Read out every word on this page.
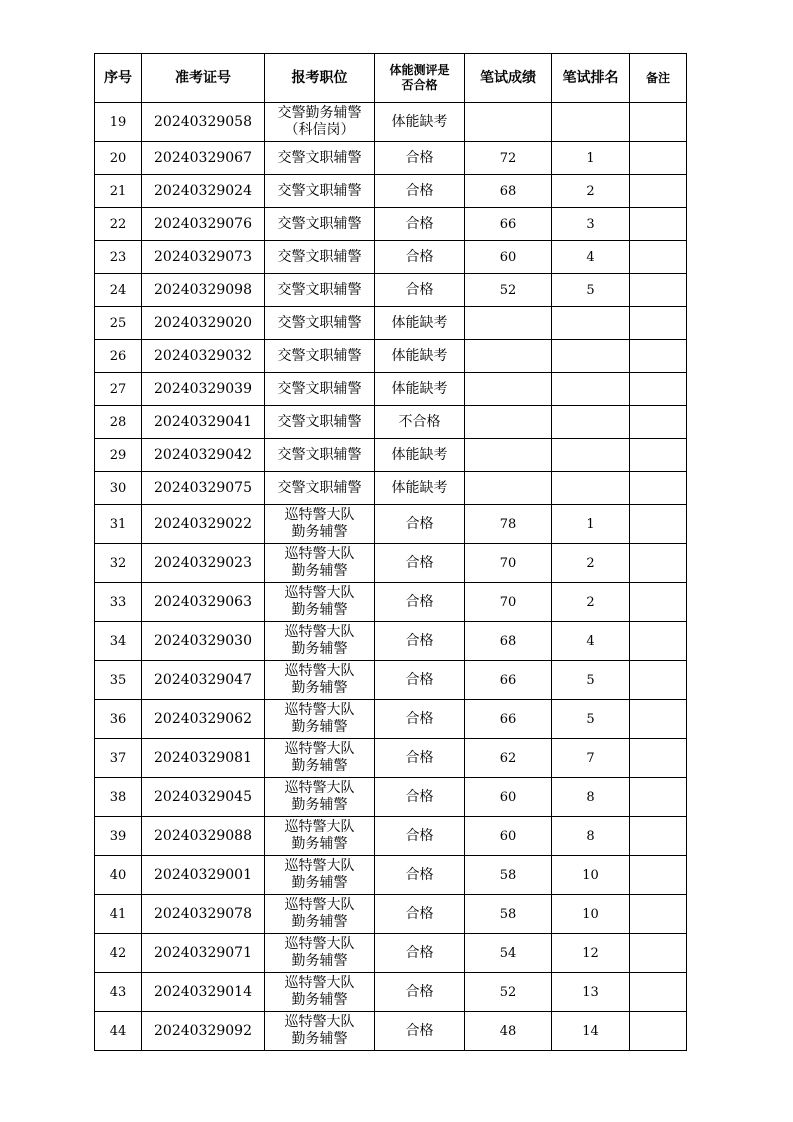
序号	准考证号	报考职位	体能测评是
否合格	笔试成绩	笔试排名	备注
19	20240329058	交警勤务辅警
（科信岗）	体能缺考			
20	20240329067	交警文职辅警	合格	72	1	
21	20240329024	交警文职辅警	合格	68	2	
22	20240329076	交警文职辅警	合格	66	3	
23	20240329073	交警文职辅警	合格	60	4	
24	20240329098	交警文职辅警	合格	52	5	
25	20240329020	交警文职辅警	体能缺考			
26	20240329032	交警文职辅警	体能缺考			
27	20240329039	交警文职辅警	体能缺考			
28	20240329041	交警文职辅警	不合格			
29	20240329042	交警文职辅警	体能缺考			
30	20240329075	交警文职辅警	体能缺考			
31	20240329022	巡特警大队
勤务辅警	合格	78	1	
32	20240329023	巡特警大队
勤务辅警	合格	70	2	
33	20240329063	巡特警大队
勤务辅警	合格	70	2	
34	20240329030	巡特警大队
勤务辅警	合格	68	4	
35	20240329047	巡特警大队
勤务辅警	合格	66	5	
36	20240329062	巡特警大队
勤务辅警	合格	66	5	
37	20240329081	巡特警大队
勤务辅警	合格	62	7	
38	20240329045	巡特警大队
勤务辅警	合格	60	8	
39	20240329088	巡特警大队
勤务辅警	合格	60	8	
40	20240329001	巡特警大队
勤务辅警	合格	58	10	
41	20240329078	巡特警大队
勤务辅警	合格	58	10	
42	20240329071	巡特警大队
勤务辅警	合格	54	12	
43	20240329014	巡特警大队
勤务辅警	合格	52	13	
44	20240329092	巡特警大队
勤务辅警	合格	48	14	
